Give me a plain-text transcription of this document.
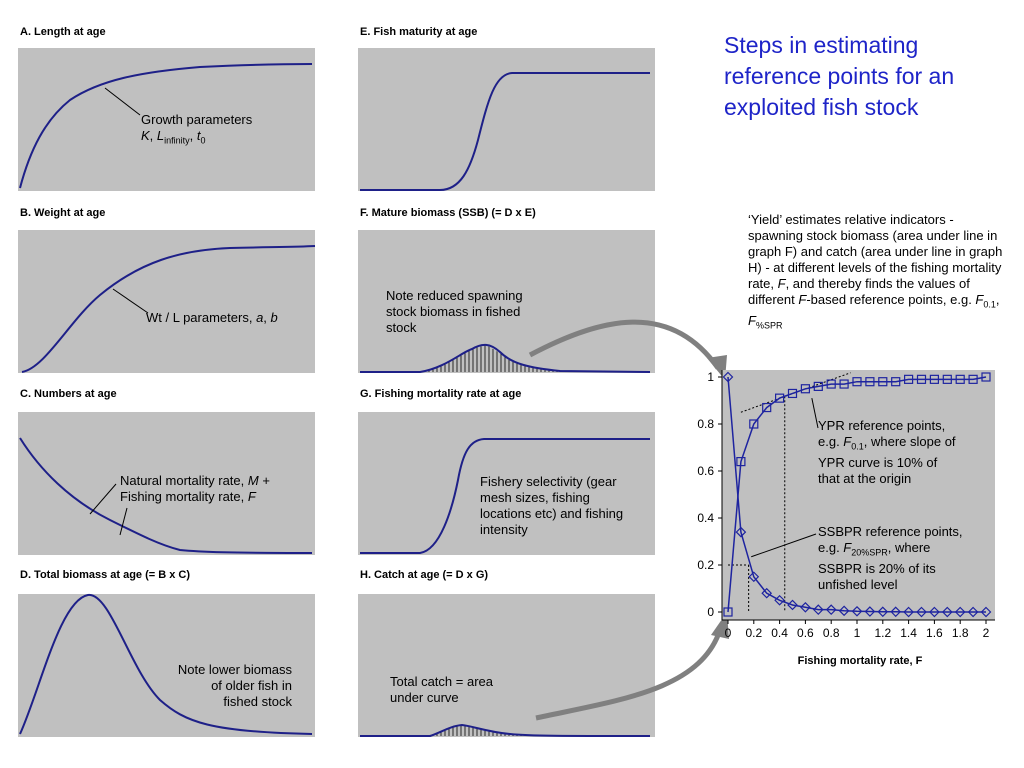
A. Length at age
B. Weight at age
C. Numbers at age
D. Total biomass at age (= B x C)
E. Fish maturity at age
F. Mature biomass (SSB) (= D x E)
G. Fishing mortality rate at age
H. Catch at age (= D x G)
Growth parameters
K, $L_{infinity}$, $t_0$
Wt / L parameters, a, b
Natural mortality rate, M +
Fishing mortality rate, F
Note lower biomass
of older fish in
fished stock
Note reduced spawning
stock biomass in fished
stock
Fishery selectivity (gear
mesh sizes, fishing
locations etc) and fishing
intensity
Total catch = area
under curve
Steps in estimating reference points for an exploited fish stock
‘Yield’ estimates relative indicators - spawning stock biomass (area under line in graph F) and catch (area under line in graph H) - at different levels of the fishing mortality rate, F, and thereby finds the values of different F-based reference points, e.g. $F_{0.1}$, $F_{\%SPR}$
0
0.2
0.4
0.6
0.8
1
0 0.2 0.4 0.6 0.8 1 1.2 1.4 1.6 1.8 2
YPR reference points,
e.g. $F_{0.1}$, where slope of
YPR curve is 10% of
that at the origin
SSBPR reference points,
e.g. $F_{20\%SPR}$, where
SSBPR is 20% of its
unfished level
Fishing mortality rate, F
